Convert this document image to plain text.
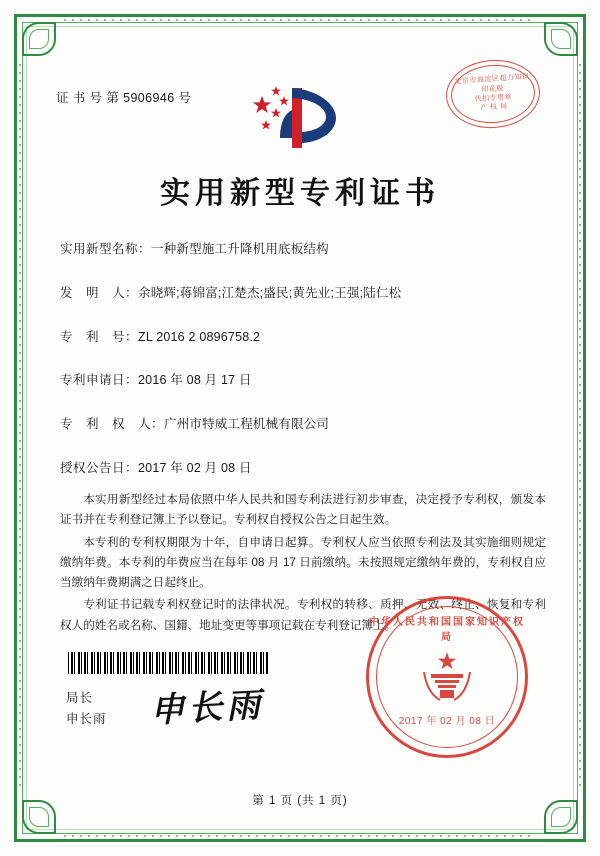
证 书 号 第 5906946 号
北京市海淀区超力知识
印花税
代扣专用章
产 权 局
实用新型专利证书
实用新型名称：一种新型施工升降机用底板结构
发　明　人：余晓辉;蒋锦富;江楚杰;盛民;黄先业;王强;陆仁松
专　利　号：ZL 2016 2 0896758.2
专利申请日：2016 年 08 月 17 日
专　利　权　人：广州市特威工程机械有限公司
授权公告日：2017 年 02 月 08 日

本实用新型经过本局依照中华人民共和国专利法进行初步审查，决定授予专利权，颁发本证书并在专利登记簿上予以登记。专利权自授权公告之日起生效。

本专利的专利权期限为十年，自申请日起算。专利权人应当依照专利法及其实施细则规定缴纳年费。本专利的年费应当在每年 08 月 17 日前缴纳。未按照规定缴纳年费的，专利权自应当缴纳年费期满之日起终止。

专利证书记载专利权登记时的法律状况。专利权的转移、质押、无效、终止、恢复和专利权人的姓名或名称、国籍、地址变更等事项记载在专利登记簿上。

局长
申长雨 申长雨
中华人民共和国国家知识产权局
2017 年 02 月 08 日
第 1 页 (共 1 页)
